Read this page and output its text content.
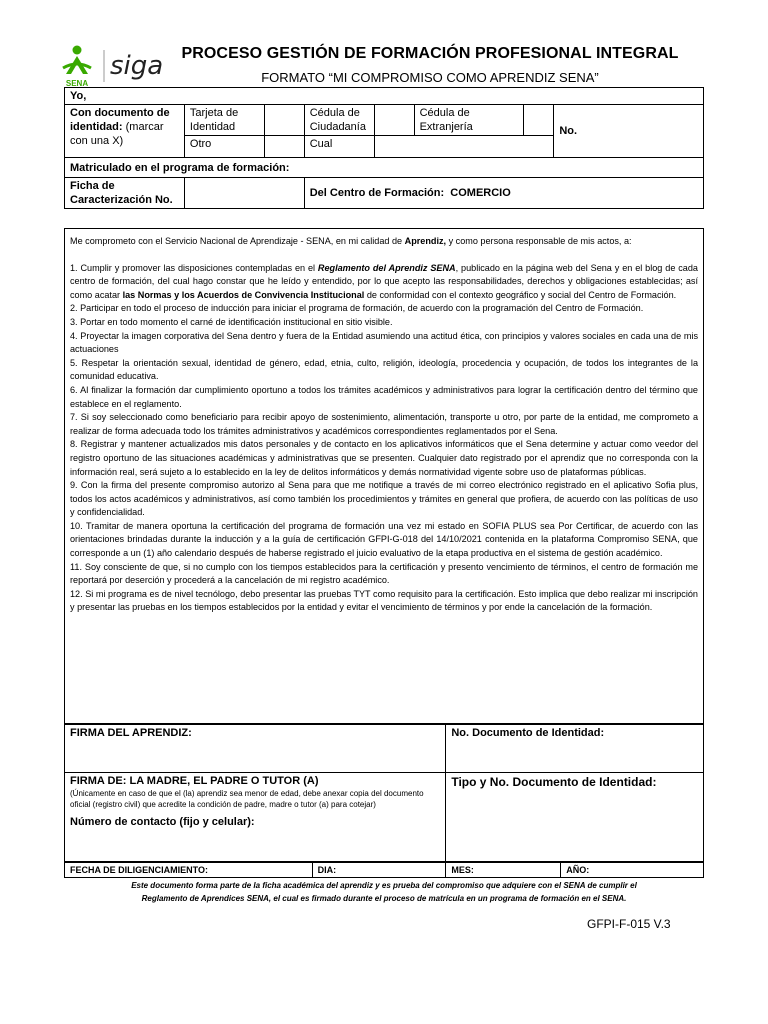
SENA
siga	PROCESO GESTIÓN DE FORMACIÓN PROFESIONAL INTEGRAL
FORMATO “MI COMPROMISO COMO APRENDIZ SENA”
Yo,							
Con documento de identidad: (marcar con una X)	Tarjeta de Identidad		Cédula de Ciudadanía		Cédula de Extranjería		No.
	Otro		Cual				
Matriculado en el programa de formación:							
Ficha de Caracterización No.			Del Centro de Formación: COMERCIO				

Me comprometo con el Servicio Nacional de Aprendizaje - SENA, en mi calidad de Aprendiz, y como persona responsable de mis actos, a:

1. Cumplir y promover las disposiciones contempladas en el Reglamento del Aprendiz SENA, publicado en la página web del Sena y en el blog de cada centro de formación, del cual hago constar que he leído y entendido, por lo que acepto las responsabilidades, derechos y obligaciones establecidas; así como acatar las Normas y los Acuerdos de Convivencia Institucional de conformidad con el contexto geográfico y social del Centro de Formación.

2. Participar en todo el proceso de inducción para iniciar el programa de formación, de acuerdo con la programación del Centro de Formación.

3. Portar en todo momento el carné de identificación institucional en sitio visible.

4. Proyectar la imagen corporativa del Sena dentro y fuera de la Entidad asumiendo una actitud ética, con principios y valores sociales en cada una de mis actuaciones

5. Respetar la orientación sexual, identidad de género, edad, etnia, culto, religión, ideología, procedencia y ocupación, de todos los integrantes de la comunidad educativa.

6. Al finalizar la formación dar cumplimiento oportuno a todos los trámites académicos y administrativos para lograr la certificación dentro del término que establece en el reglamento.

7. Si soy seleccionado como beneficiario para recibir apoyo de sostenimiento, alimentación, transporte u otro, por parte de la entidad, me comprometo a realizar de forma adecuada todo los trámites administrativos y académicos correspondientes reglamentados por el Sena.

8. Registrar y mantener actualizados mis datos personales y de contacto en los aplicativos informáticos que el Sena determine y actuar como veedor del registro oportuno de las situaciones académicas y administrativas que se presenten. Cualquier dato registrado por el aprendiz que no corresponda con la información real, será sujeto a lo establecido en la ley de delitos informáticos y demás normatividad vigente sobre uso de plataformas públicas.

9. Con la firma del presente compromiso autorizo al Sena para que me notifique a través de mi correo electrónico registrado en el aplicativo Sofia plus, todos los actos académicos y administrativos, así como también los procedimientos y trámites en general que profiera, de acuerdo con las políticas de uso y confidencialidad.

10. Tramitar de manera oportuna la certificación del programa de formación una vez mi estado en SOFIA PLUS sea Por Certificar, de acuerdo con las orientaciones brindadas durante la inducción y a la guía de certificación GFPI-G-018 del 14/10/2021 contenida en la plataforma Compromiso SENA, que corresponde a un (1) año calendario después de haberse registrado el juicio evaluativo de la etapa productiva en el sistema de gestión académico.

11. Soy consciente de que, si no cumplo con los tiempos establecidos para la certificación y presento vencimiento de términos, el centro de formación me reportará por deserción y procederá a la cancelación de mi registro académico.

12. Si mi programa es de nivel tecnólogo, debo presentar las pruebas TYT como requisito para la certificación. Esto implica que debo realizar mi inscripción y presentar las pruebas en los tiempos establecidos por la entidad y evitar el vencimiento de términos y por ende la cancelación de la formación.

FIRMA DEL APRENDIZ:	No. Documento de Identidad:
FIRMA DE: LA MADRE, EL PADRE O TUTOR (A)
(Únicamente en caso de que el (la) aprendiz sea menor de edad, debe anexar copia del documento oficial (registro civil) que acredite la condición de padre, madre o tutor (a) para cotejar)
Número de contacto (fijo y celular):	Tipo y No. Documento de Identidad:
FECHA DE DILIGENCIAMIENTO:	DIA:	MES:	AÑO:
Este documento forma parte de la ficha académica del aprendiz y es prueba del compromiso que adquiere con el SENA de cumplir el
Reglamento de Aprendices SENA, el cual es firmado durante el proceso de matrícula en un programa de formación en el SENA.
GFPI-F-015 V.3
